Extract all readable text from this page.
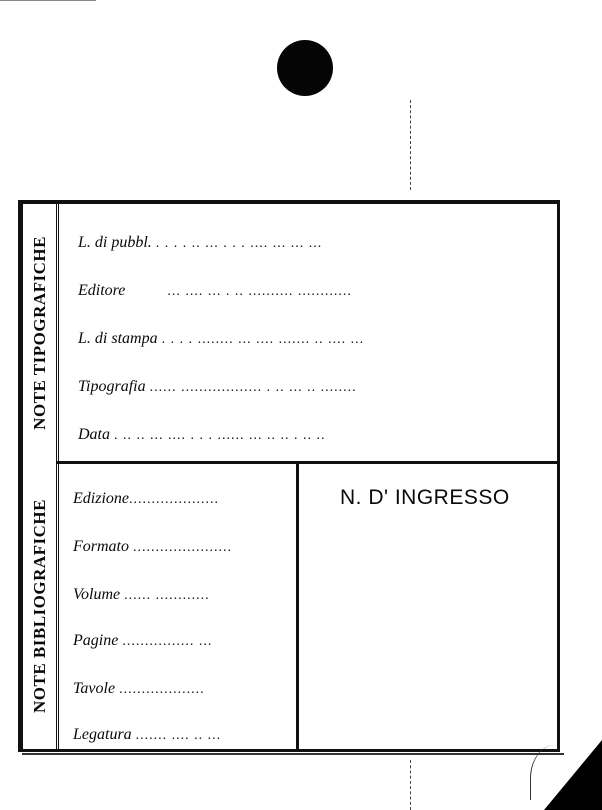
NOTE TIPOGRAFICHE
NOTE BIBLIOGRAFICHE
L. di pubbl. . . . . .. ... . . . .... ... ... ...
Editore	... .... ... . .. .......... ............
L. di stampa . . . . ........ ... .... ....... .. .... ...
Tipografia ...... .................. . .. ... .. ........
Data . .. .. ... .... . . . ...... ... .. .. . .. ..
Edizione....................
Formato ......................
Volume ...... ............
Pagine ................ ...
Tavole ...................
Legatura ....... .... .. ...
N. D' INGRESSO
